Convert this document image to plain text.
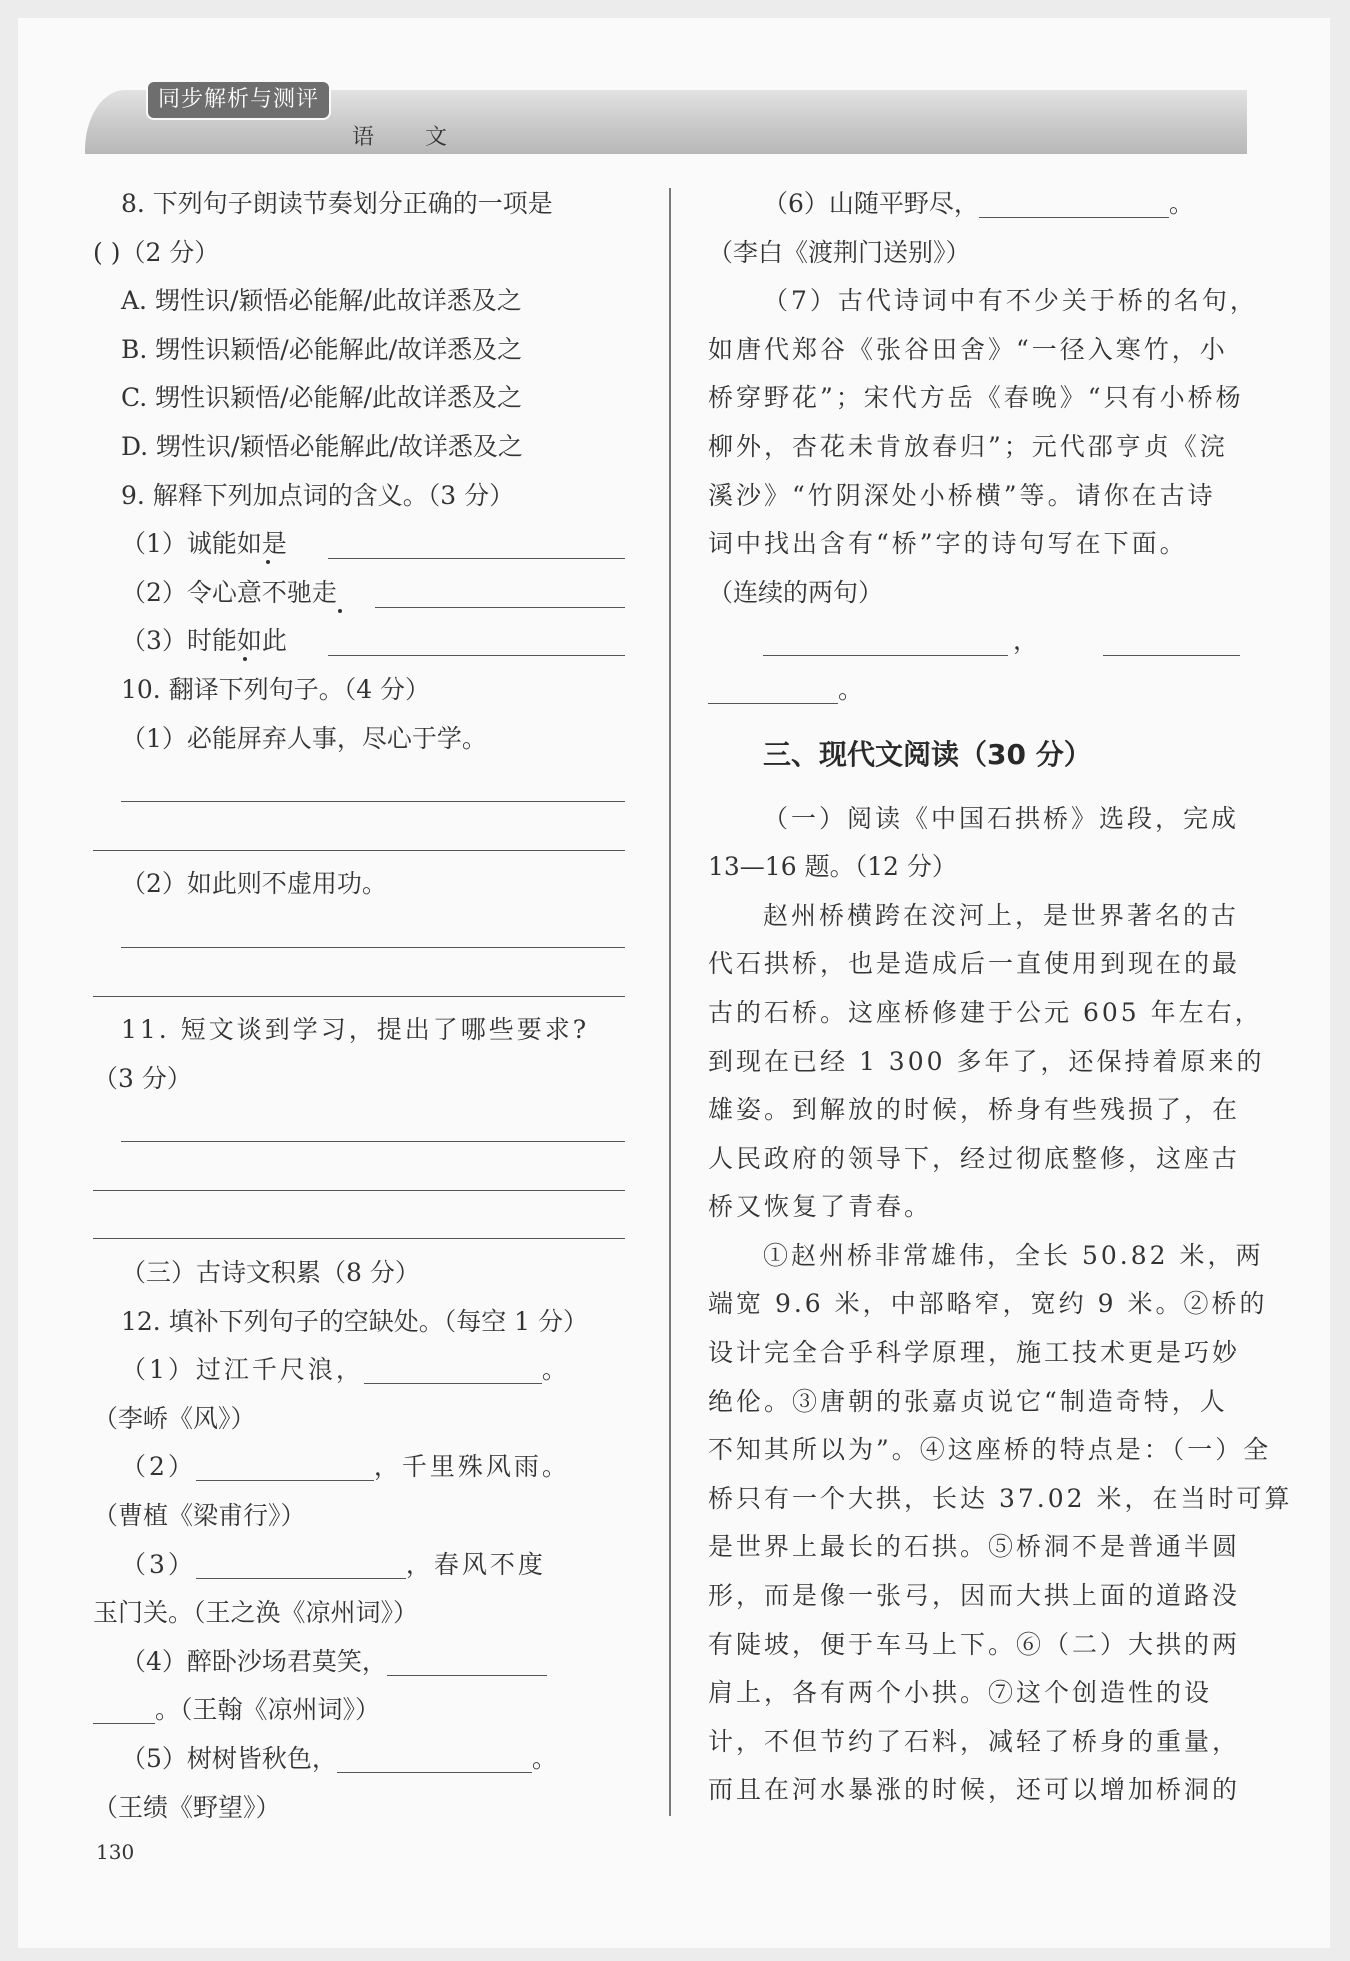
同步解析与测评
语 文
8. 下列句子朗读节奏划分正确的一项是
( )（2 分）
A. 甥性识/颖悟必能解/此故详悉及之
B. 甥性识颖悟/必能解此/故详悉及之
C. 甥性识颖悟/必能解/此故详悉及之
D. 甥性识/颖悟必能解此/故详悉及之
9. 解释下列加点词的含义。（3 分）
（1）诚能如是
（2）令心意不驰走
（3）时能如此
10. 翻译下列句子。（4 分）
（1）必能屏弃人事，尽心于学。
（2）如此则不虚用功。
11. 短文谈到学习，提出了哪些要求?
（3 分）
（三）古诗文积累（8 分）
12. 填补下列句子的空缺处。（每空 1 分）
（1）过江千尺浪，	。
（李峤《风》）
（2）	，千里殊风雨。
（曹植《梁甫行》）
（3）	，春风不度
玉门关。（王之涣《凉州词》）
（4）醉卧沙场君莫笑，
。（王翰《凉州词》）
（5）树树皆秋色，	。
（王绩《野望》）
（6）山随平野尽，	。
（李白《渡荆门送别》）
（7）古代诗词中有不少关于桥的名句，
如唐代郑谷《张谷田舍》“一径入寒竹，小
桥穿野花”；宋代方岳《春晚》“只有小桥杨
柳外，杏花未肯放春归”；元代邵亨贞《浣
溪沙》“竹阴深处小桥横”等。请你在古诗
词中找出含有“桥”字的诗句写在下面。
（连续的两句）
，
。
三、现代文阅读（30 分）
（一）阅读《中国石拱桥》选段，完成
13—16 题。（12 分）
赵州桥横跨在洨河上，是世界著名的古
代石拱桥，也是造成后一直使用到现在的最
古的石桥。这座桥修建于公元 605 年左右，
到现在已经 1 300 多年了，还保持着原来的
雄姿。到解放的时候，桥身有些残损了，在
人民政府的领导下，经过彻底整修，这座古
桥又恢复了青春。
①赵州桥非常雄伟，全长 50.82 米，两
端宽 9.6 米，中部略窄，宽约 9 米。②桥的
设计完全合乎科学原理，施工技术更是巧妙
绝伦。③唐朝的张嘉贞说它“制造奇特，人
不知其所以为”。④这座桥的特点是：（一）全
桥只有一个大拱，长达 37.02 米，在当时可算
是世界上最长的石拱。⑤桥洞不是普通半圆
形，而是像一张弓，因而大拱上面的道路没
有陡坡，便于车马上下。⑥（二）大拱的两
肩上，各有两个小拱。⑦这个创造性的设
计，不但节约了石料，减轻了桥身的重量，
而且在河水暴涨的时候，还可以增加桥洞的
130
